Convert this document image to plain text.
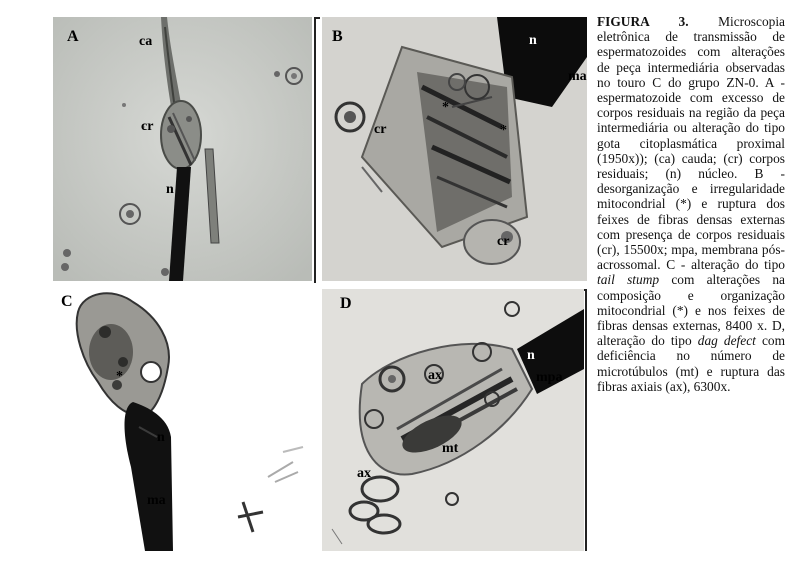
A	ca
cr
n
B	n
cr
*
*
cr
ma
C
*
n
ma
D
n
mpa
ax
mt
ax
FIGURA 3. Microscopia eletrônica de transmissão de espermatozoides com alterações de peça intermediária observadas no touro C do grupo ZN-0. A - espermatozoide com excesso de corpos residuais na região da peça intermediária ou alteração do tipo gota citoplasmática proximal (1950x)); (ca) cauda; (cr) corpos residuais; (n) núcleo. B - desorganização e irregularidade mitocondrial (*) e ruptura dos feixes de fibras densas externas com presença de corpos residuais (cr), 15500x; mpa, membrana pós-acrossomal. C - alteração do tipo tail stump com alterações na composição e organização mitocondrial (*) e nos feixes de fibras densas externas, 8400 x. D, alteração do tipo dag defect com deficiência no número de microtúbulos (mt) e ruptura das fibras axiais (ax), 6300x.
